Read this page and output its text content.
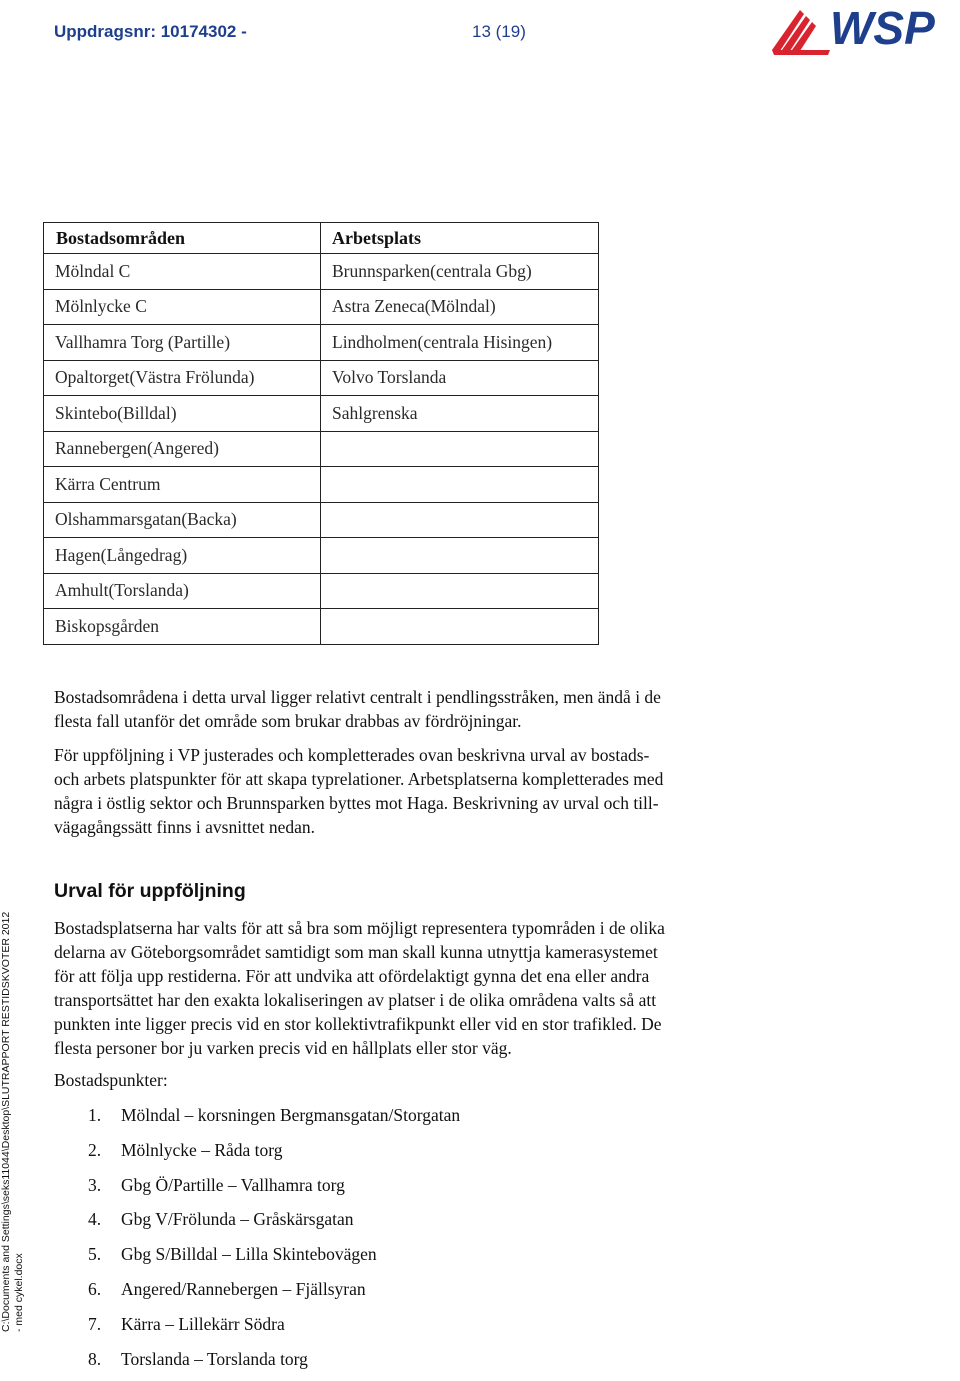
Uppdragsnr: 10174302 -	13 (19)	WSP
Bostadsområden	Arbetsplats
Mölndal C	Brunnsparken(centrala Gbg)
Mölnlycke C	Astra Zeneca(Mölndal)
Vallhamra Torg (Partille)	Lindholmen(centrala Hisingen)
Opaltorget(Västra Frölunda)	Volvo Torslanda
Skintebo(Billdal)	Sahlgrenska
Rannebergen(Angered)	
Kärra Centrum	
Olshammarsgatan(Backa)	
Hagen(Långedrag)	
Amhult(Torslanda)	
Biskopsgården	

Bostadsområdena i detta urval ligger relativt centralt i pendlingsstråken, men ändå i de
flesta fall utanför det område som brukar drabbas av fördröjningar.

För uppföljning i VP justerades och kompletterades ovan beskrivna urval av bostads-
och arbets platspunkter för att skapa typrelationer. Arbetsplatserna kompletterades med
några i östlig sektor och Brunnsparken byttes mot Haga. Beskrivning av urval och till-
vägagångssätt finns i avsnittet nedan.

Urval för uppföljning

Bostadsplatserna har valts för att så bra som möjligt representera typområden i de olika
delarna av Göteborgsområdet samtidigt som man skall kunna utnyttja kamerasystemet
för att följa upp restiderna. För att undvika att ofördelaktigt gynna det ena eller andra
transportsättet har den exakta lokaliseringen av platser i de olika områdena valts så att
punkten inte ligger precis vid en stor kollektivtrafikpunkt eller vid en stor trafikled. De
flesta personer bor ju varken precis vid en hållplats eller stor väg.

Bostadspunkter:
1. Mölndal – korsningen Bergmansgatan/Storgatan
2. Mölnlycke – Råda torg
3. Gbg Ö/Partille – Vallhamra torg
4. Gbg V/Frölunda – Gråskärsgatan
5. Gbg S/Billdal – Lilla Skintebovägen
6. Angered/Rannebergen – Fjällsyran
7. Kärra – Lillekärr Södra
8. Torslanda – Torslanda torg
C:\Documents and Settings\seks11044\Desktop\SLUTRAPPORT RESTIDSKVOTER 2012 - med cykel.docx
